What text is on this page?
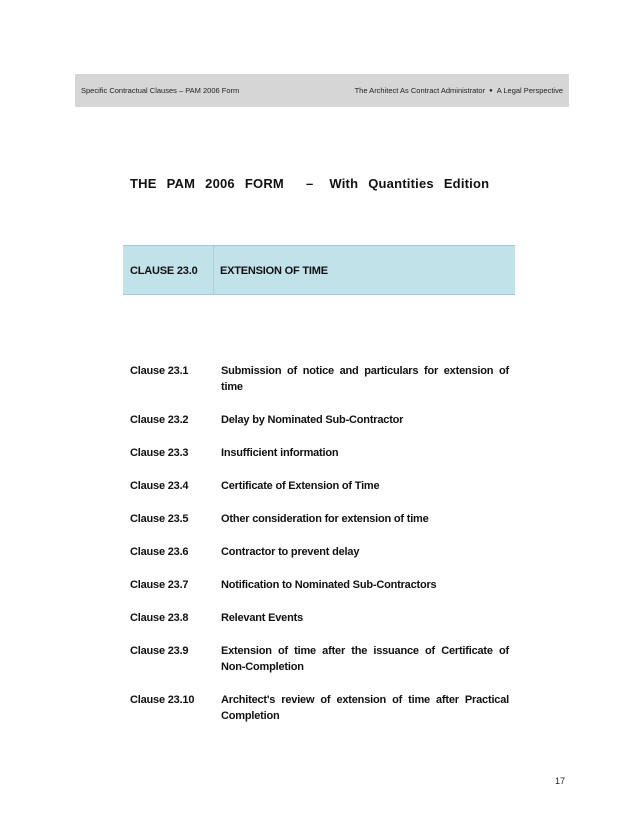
Specific Contractual Clauses – PAM 2006 Form	The Architect As Contract Administrator ● A Legal Perspective
THE PAM 2006 FORM – With Quantities Edition
CLAUSE 23.0 EXTENSION OF TIME
Clause 23.1	Submission of notice and particulars for extension of time
Clause 23.2	Delay by Nominated Sub-Contractor
Clause 23.3	Insufficient information
Clause 23.4	Certificate of Extension of Time
Clause 23.5	Other consideration for extension of time
Clause 23.6	Contractor to prevent delay
Clause 23.7	Notification to Nominated Sub-Contractors
Clause 23.8	Relevant Events
Clause 23.9	Extension of time after the issuance of Certificate of Non-Completion
Clause 23.10	Architect's review of extension of time after Practical Completion
17
